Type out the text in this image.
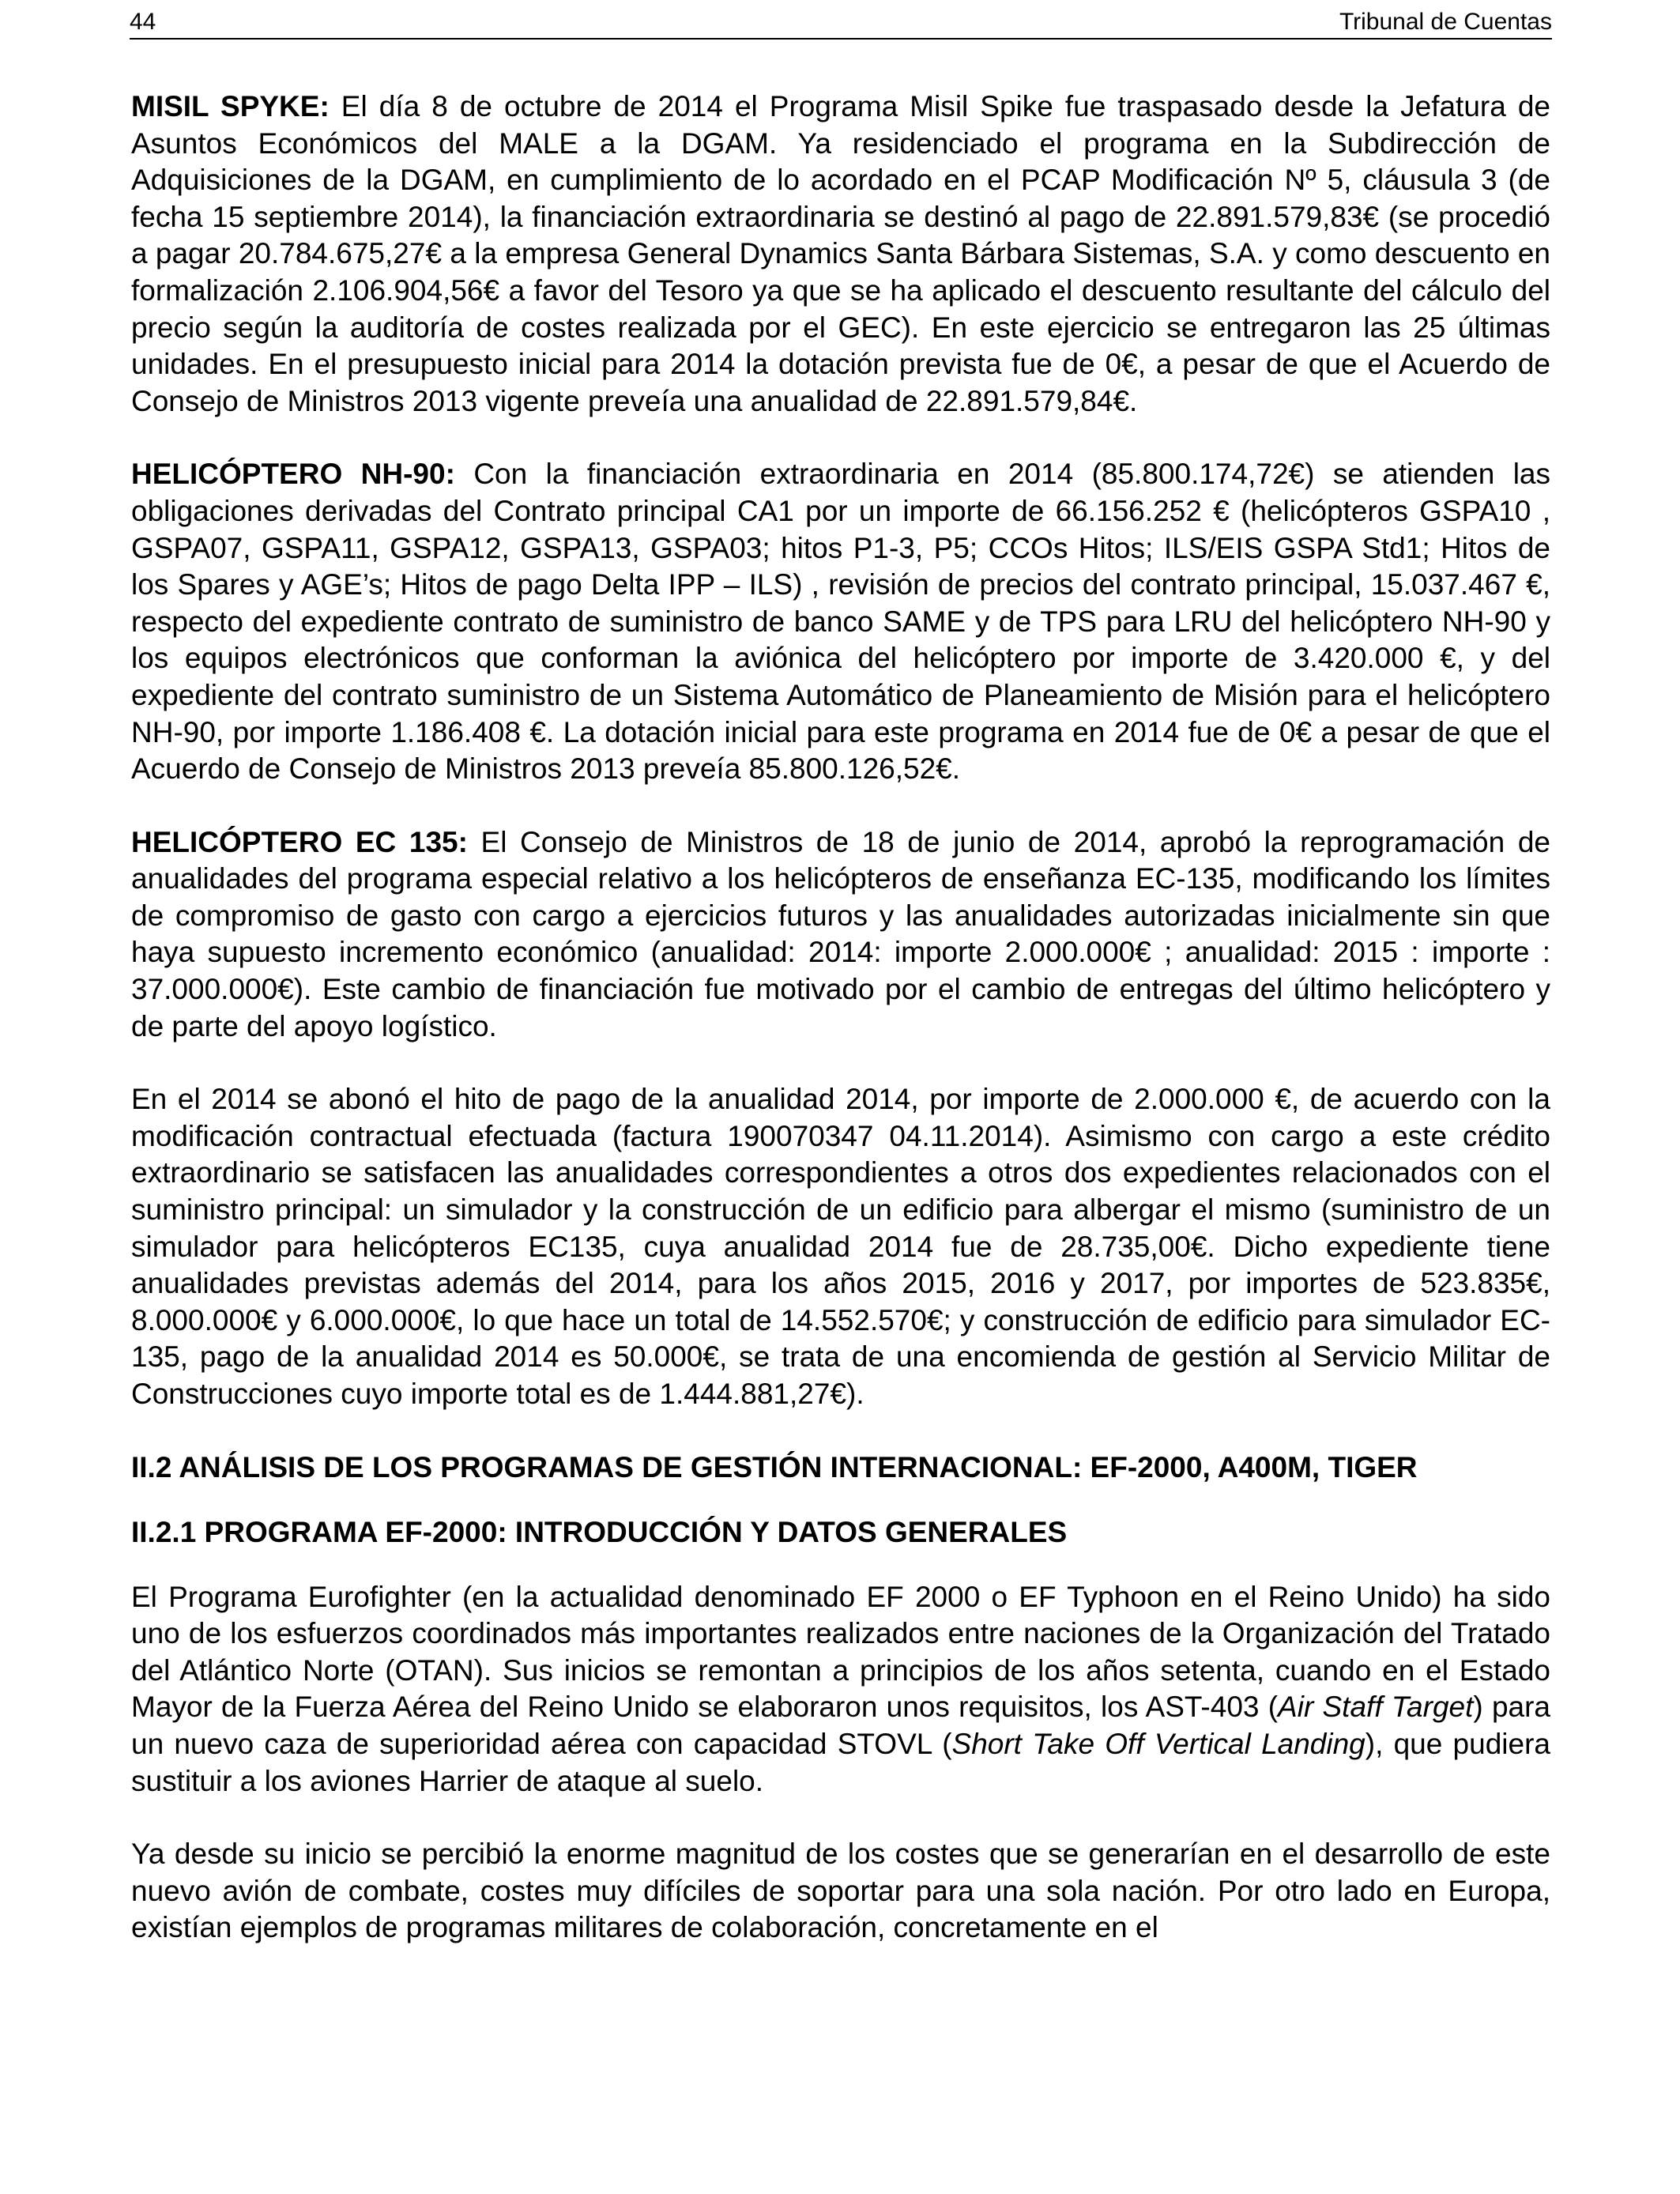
44	Tribunal de Cuentas

MISIL SPYKE: El día 8 de octubre de 2014 el Programa Misil Spike fue traspasado desde la Jefatura de Asuntos Económicos del MALE a la DGAM. Ya residenciado el programa en la Subdirección de Adquisiciones de la DGAM, en cumplimiento de lo acordado en el PCAP Modificación Nº 5, cláusula 3 (de fecha 15 septiembre 2014), la financiación extraordinaria se destinó al pago de 22.891.579,83€ (se procedió a pagar 20.784.675,27€ a la empresa General Dynamics Santa Bárbara Sistemas, S.A. y como descuento en formalización 2.106.904,56€ a favor del Tesoro ya que se ha aplicado el descuento resultante del cálculo del precio según la auditoría de costes realizada por el GEC). En este ejercicio se entregaron las 25 últimas unidades. En el presupuesto inicial para 2014 la dotación prevista fue de 0€, a pesar de que el Acuerdo de Consejo de Ministros 2013 vigente preveía una anualidad de 22.891.579,84€.

HELICÓPTERO NH-90: Con la financiación extraordinaria en 2014 (85.800.174,72€) se atienden las obligaciones derivadas del Contrato principal CA1 por un importe de 66.156.252 € (helicópteros GSPA10 , GSPA07, GSPA11, GSPA12, GSPA13, GSPA03; hitos P1-3, P5; CCOs Hitos; ILS/EIS GSPA Std1; Hitos de los Spares y AGE’s; Hitos de pago Delta IPP – ILS) , revisión de precios del contrato principal, 15.037.467 €, respecto del expediente contrato de suministro de banco SAME y de TPS para LRU del helicóptero NH-90 y los equipos electrónicos que conforman la aviónica del helicóptero por importe de 3.420.000 €, y del expediente del contrato suministro de un Sistema Automático de Planeamiento de Misión para el helicóptero NH-90, por importe 1.186.408 €. La dotación inicial para este programa en 2014 fue de 0€ a pesar de que el Acuerdo de Consejo de Ministros 2013 preveía 85.800.126,52€.

HELICÓPTERO EC 135: El Consejo de Ministros de 18 de junio de 2014, aprobó la reprogramación de anualidades del programa especial relativo a los helicópteros de enseñanza EC-135, modificando los límites de compromiso de gasto con cargo a ejercicios futuros y las anualidades autorizadas inicialmente sin que haya supuesto incremento económico (anualidad: 2014: importe 2.000.000€ ; anualidad: 2015 : importe : 37.000.000€). Este cambio de financiación fue motivado por el cambio de entregas del último helicóptero y de parte del apoyo logístico.

En el 2014 se abonó el hito de pago de la anualidad 2014, por importe de 2.000.000 €, de acuerdo con la modificación contractual efectuada (factura 190070347 04.11.2014). Asimismo con cargo a este crédito extraordinario se satisfacen las anualidades correspondientes a otros dos expedientes relacionados con el suministro principal: un simulador y la construcción de un edificio para albergar el mismo (suministro de un simulador para helicópteros EC135, cuya anualidad 2014 fue de 28.735,00€. Dicho expediente tiene anualidades previstas además del 2014, para los años 2015, 2016 y 2017, por importes de 523.835€, 8.000.000€ y 6.000.000€, lo que hace un total de 14.552.570€; y construcción de edificio para simulador EC-135, pago de la anualidad 2014 es 50.000€, se trata de una encomienda de gestión al Servicio Militar de Construcciones cuyo importe total es de 1.444.881,27€).

II.2 ANÁLISIS DE LOS PROGRAMAS DE GESTIÓN INTERNACIONAL: EF-2000, A400M, TIGER
II.2.1 PROGRAMA EF-2000: INTRODUCCIÓN Y DATOS GENERALES

El Programa Eurofighter (en la actualidad denominado EF 2000 o EF Typhoon en el Reino Unido) ha sido uno de los esfuerzos coordinados más importantes realizados entre naciones de la Organización del Tratado del Atlántico Norte (OTAN). Sus inicios se remontan a principios de los años setenta, cuando en el Estado Mayor de la Fuerza Aérea del Reino Unido se elaboraron unos requisitos, los AST-403 (Air Staff Target) para un nuevo caza de superioridad aérea con capacidad STOVL (Short Take Off Vertical Landing), que pudiera sustituir a los aviones Harrier de ataque al suelo.

Ya desde su inicio se percibió la enorme magnitud de los costes que se generarían en el desarrollo de este nuevo avión de combate, costes muy difíciles de soportar para una sola nación. Por otro lado en Europa, existían ejemplos de programas militares de colaboración, concretamente en el
